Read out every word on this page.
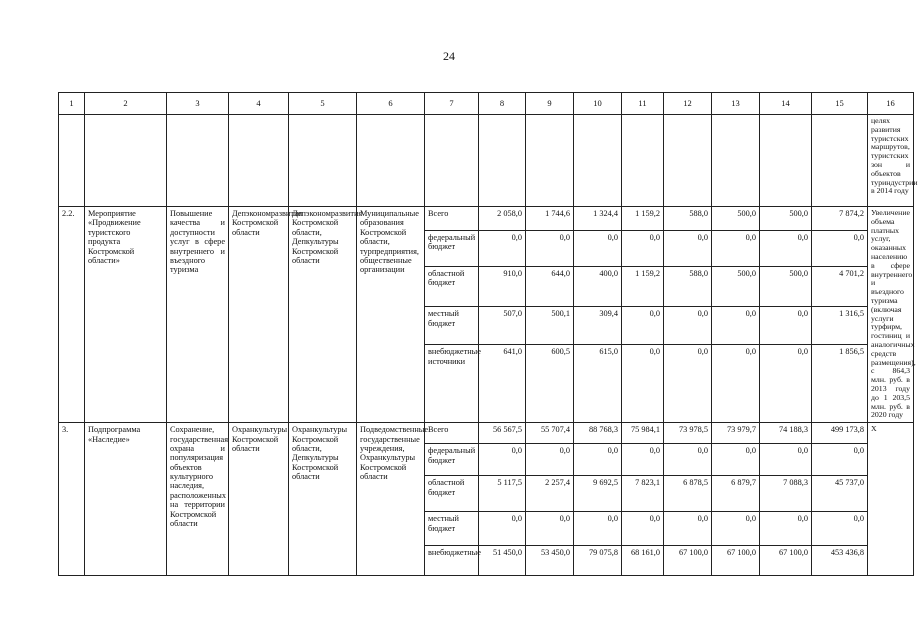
24
1	2	3	4	5	6	7	8	9	10	11	12	13	14	15	16
															целях развития туристских маршрутов, туристских зон и объектов туриндустрии в 2014 году
2.2.	Мероприятие «Продвижение туристского продукта Костромской области»	Повышение качества и доступности услуг в сфере внутреннего и въездного туризма	Депэкономразвития Костромской области	Депэкономразвития Костромской области, Депкультуры Костромской области	Муниципальные образования Костромской области, турпредприятия, общественные организации	Всего	2 058,0	1 744,6	1 324,4	1 159,2	588,0	500,0	500,0	7 874,2	Увеличение объема платных услуг, оказанных населению в сфере внутреннего и въездного туризма (включая услуги турфирм, гостиниц и аналогичных средств размещения), с 864,3 млн. руб. в 2013 году до 1 203,5 млн. руб. в 2020 году
						федеральный бюджет	0,0	0,0	0,0	0,0	0,0	0,0	0,0	0,0	
						областной бюджет	910,0	644,0	400,0	1 159,2	588,0	500,0	500,0	4 701,2	
						местный бюджет	507,0	500,1	309,4	0,0	0,0	0,0	0,0	1 316,5	
						внебюджетные источники	641,0	600,5	615,0	0,0	0,0	0,0	0,0	1 856,5	
3.	Подпрограмма «Наследие»	Сохранение, государственная охрана и популяризация объектов культурного наследия, расположенных на территории Костромской области	Охранкультуры Костромской области	Охранкультуры Костромской области, Депкультуры Костромской области	Подведомственные государственные учреждения, Охранкультуры Костромской области	Всего	56 567,5	55 707,4	88 768,3	75 984,1	73 978,5	73 979,7	74 188,3	499 173,8	X
						федеральный бюджет	0,0	0,0	0,0	0,0	0,0	0,0	0,0	0,0	
						областной бюджет	5 117,5	2 257,4	9 692,5	7 823,1	6 878,5	6 879,7	7 088,3	45 737,0	
						местный бюджет	0,0	0,0	0,0	0,0	0,0	0,0	0,0	0,0	
						внебюджетные	51 450,0	53 450,0	79 075,8	68 161,0	67 100,0	67 100,0	67 100,0	453 436,8	
